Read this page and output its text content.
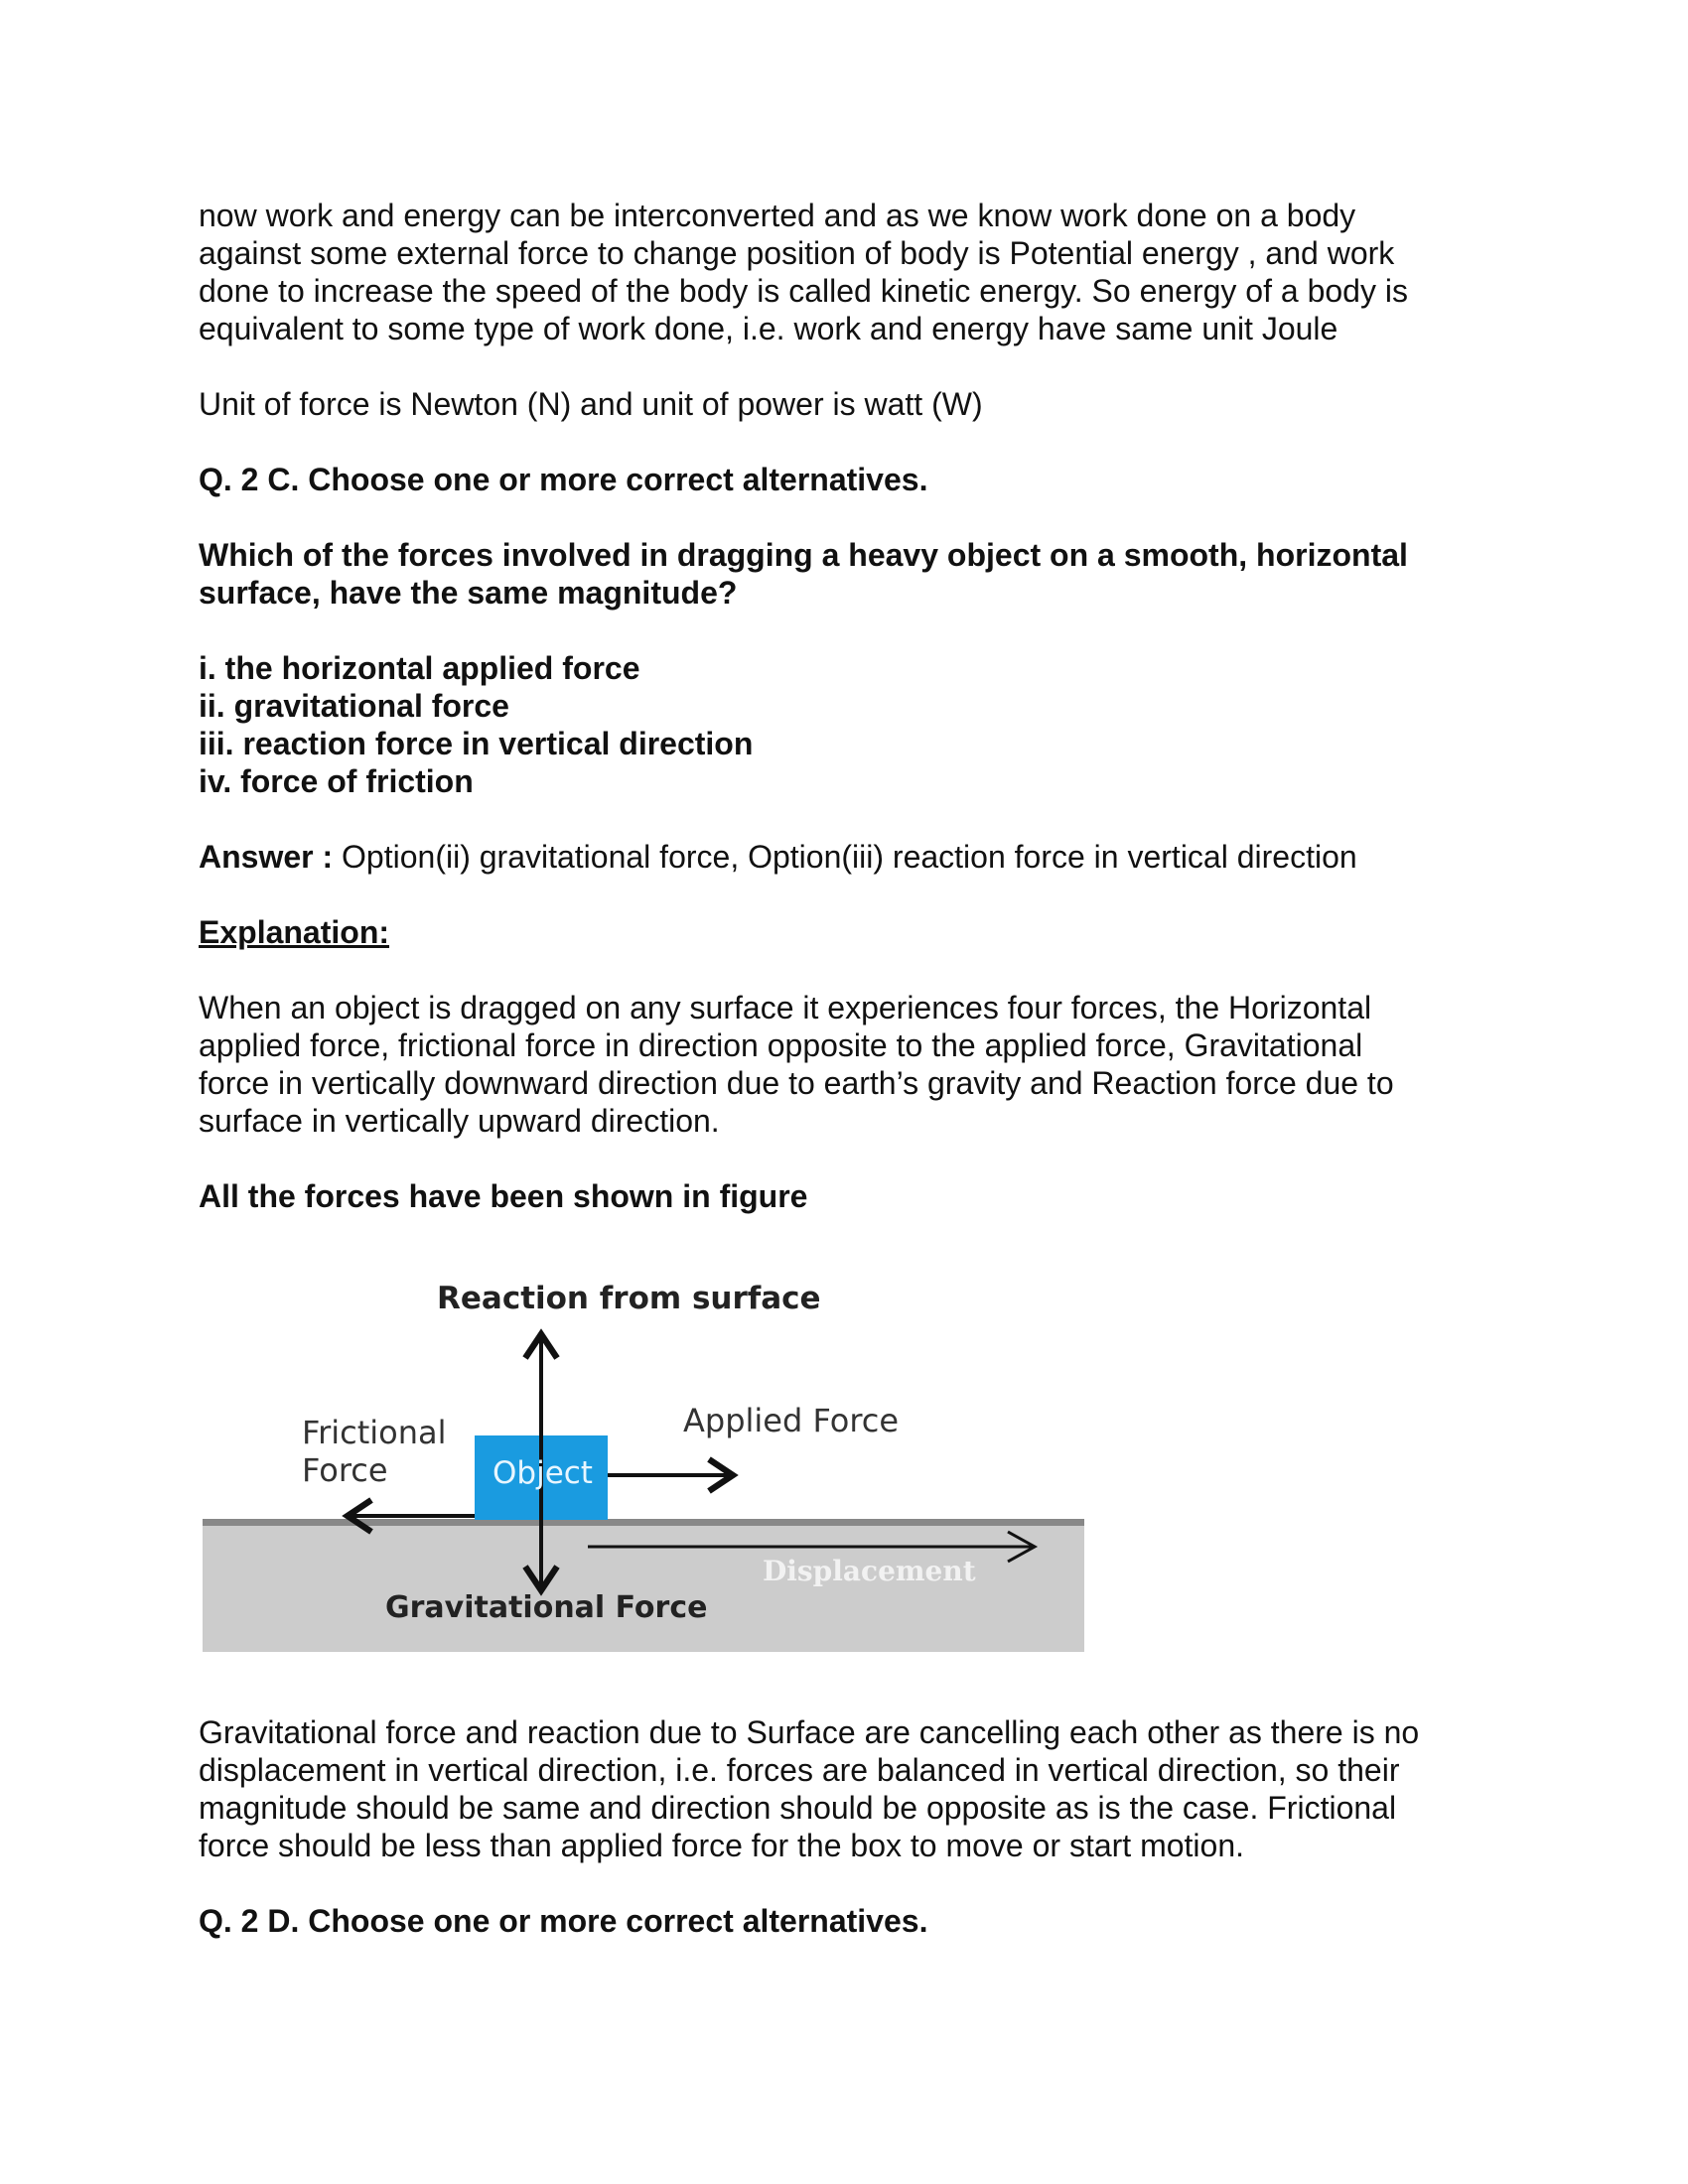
now work and energy can be interconverted and as we know work done on a body

against some external force to change position of body is Potential energy , and work

done to increase the speed of the body is called kinetic energy. So energy of a body is

equivalent to some type of work done, i.e. work and energy have same unit Joule

Unit of force is Newton (N) and unit of power is watt (W)

Q. 2 C. Choose one or more correct alternatives.

Which of the forces involved in dragging a heavy object on a smooth, horizontal

surface, have the same magnitude?

i. the horizontal applied force
ii. gravitational force
iii. reaction force in vertical direction
iv. force of friction

Answer : Option(ii) gravitational force, Option(iii) reaction force in vertical direction

Explanation:

When an object is dragged on any surface it experiences four forces, the Horizontal

applied force, frictional force in direction opposite to the applied force, Gravitational

force in vertically downward direction due to earth’s gravity and Reaction force due to

surface in vertically upward direction.

All the forces have been shown in figure

Reaction from surface
Frictional
Force
Applied Force
Object
Gravitational Force
Displacement

Gravitational force and reaction due to Surface are cancelling each other as there is no

displacement in vertical direction, i.e. forces are balanced in vertical direction, so their

magnitude should be same and direction should be opposite as is the case. Frictional

force should be less than applied force for the box to move or start motion.

Q. 2 D. Choose one or more correct alternatives.
